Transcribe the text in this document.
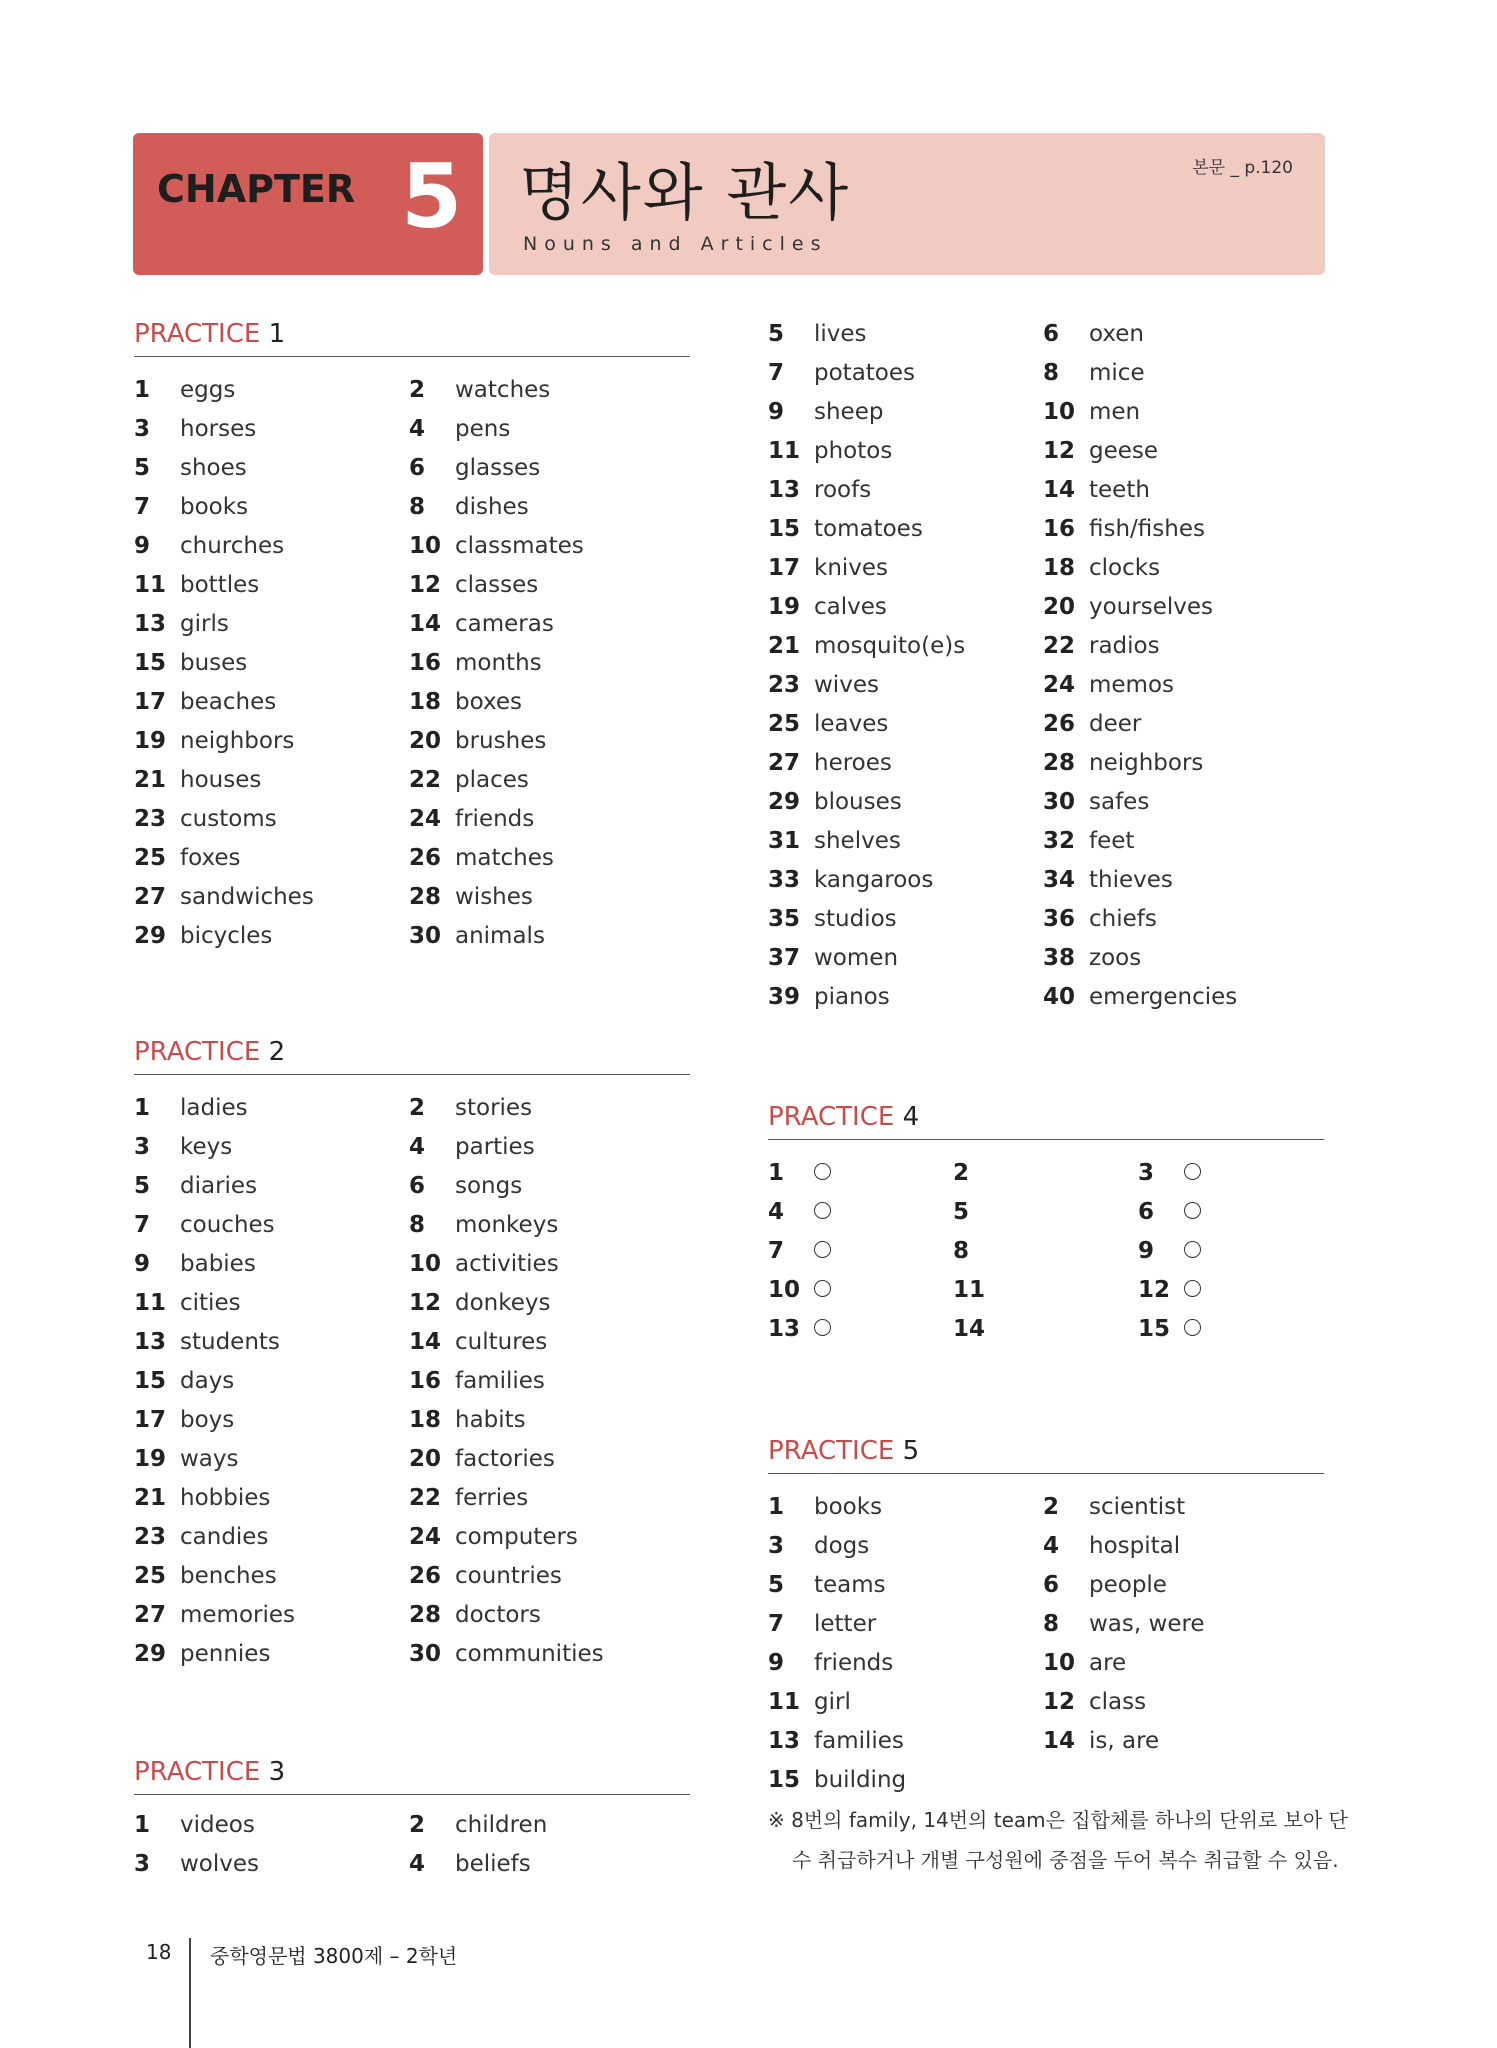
CHAPTER 5 명사와 관사
Nouns and Articles
본문 _ p.120
PRACTICE 1
1 eggs	2 watches
3 horses	4 pens
5 shoes	6 glasses
7 books	8 dishes
9 churches	10 classmates
11 bottles	12 classes
13 girls	14 cameras
15 buses	16 months
17 beaches	18 boxes
19 neighbors	20 brushes
21 houses	22 places
23 customs	24 friends
25 foxes	26 matches
27 sandwiches	28 wishes
29 bicycles	30 animals
PRACTICE 2
1 ladies	2 stories
3 keys	4 parties
5 diaries	6 songs
7 couches	8 monkeys
9 babies	10 activities
11 cities	12 donkeys
13 students	14 cultures
15 days	16 families
17 boys	18 habits
19 ways	20 factories
21 hobbies	22 ferries
23 candies	24 computers
25 benches	26 countries
27 memories	28 doctors
29 pennies	30 communities
PRACTICE 3
1 videos	2 children
3 wolves	4 beliefs
5 lives	6 oxen
7 potatoes	8 mice
9 sheep	10 men
11 photos	12 geese
13 roofs	14 teeth
15 tomatoes	16 fish/fishes
17 knives	18 clocks
19 calves	20 yourselves
21 mosquito(e)s	22 radios
23 wives	24 memos
25 leaves	26 deer
27 heroes	28 neighbors
29 blouses	30 safes
31 shelves	32 feet
33 kangaroos	34 thieves
35 studios	36 chiefs
37 women	38 zoos
39 pianos	40 emergencies
PRACTICE 4
1	2	3
4	5	6
7	8	9
10	11	12
13	14	15
PRACTICE 5
1 books	2 scientist
3 dogs	4 hospital
5 teams	6 people
7 letter	8 was, were
9 friends	10 are
11 girl	12 class
13 families	14 is, are
15 building
※ 8번의 family, 14번의 team은 집합체를 하나의 단위로 보아 단
수 취급하거나 개별 구성원에 중점을 두어 복수 취급할 수 있음.
18 중학영문법 3800제 – 2학년
